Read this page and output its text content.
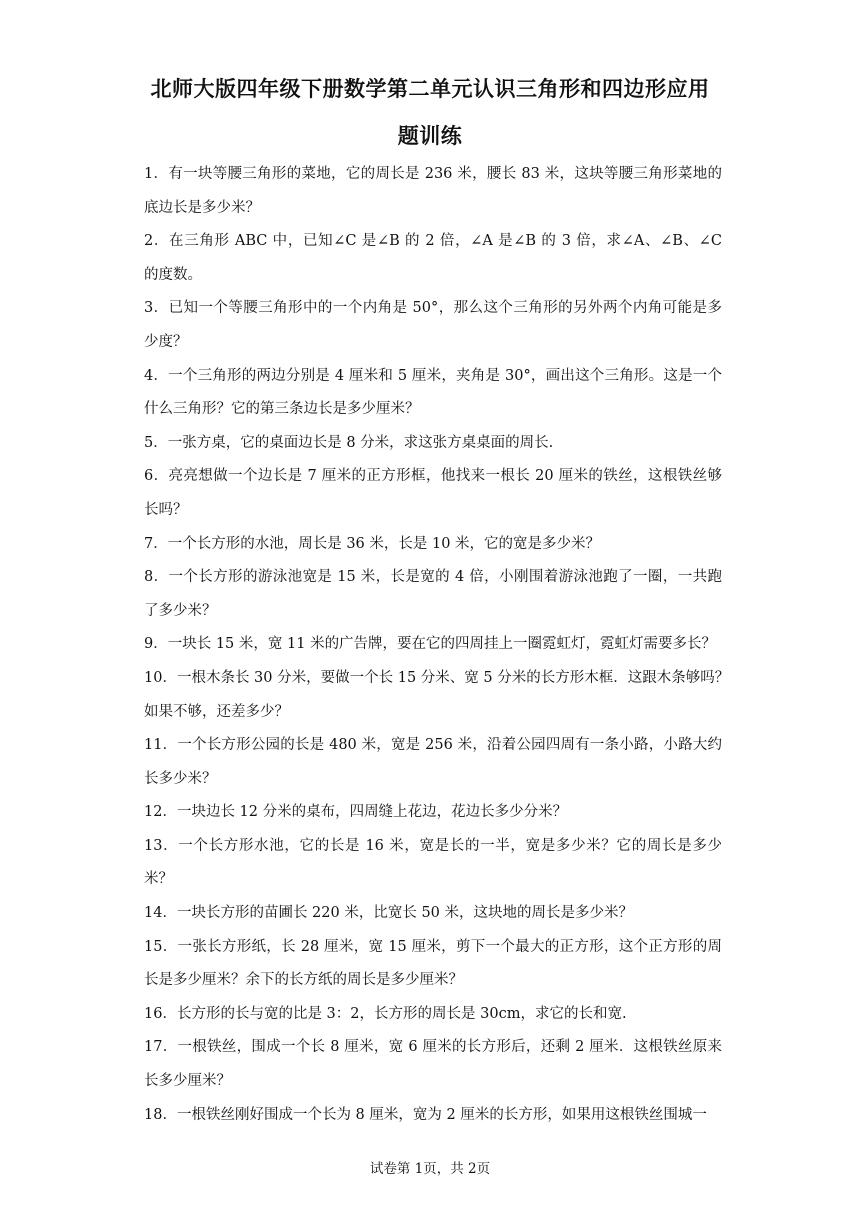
北师大版四年级下册数学第二单元认识三角形和四边形应用
题训练
1．有一块等腰三角形的菜地，它的周长是 236 米，腰长 83 米，这块等腰三角形菜地的
底边长是多少米？
2．在三角形 ABC 中，已知∠C 是∠B 的 2 倍，∠A 是∠B 的 3 倍，求∠A、∠B、∠C
的度数。
3．已知一个等腰三角形中的一个内角是 50°，那么这个三角形的另外两个内角可能是多
少度？
4．一个三角形的两边分别是 4 厘米和 5 厘米，夹角是 30°，画出这个三角形。这是一个
什么三角形？它的第三条边长是多少厘米？
5．一张方桌，它的桌面边长是 8 分米，求这张方桌桌面的周长.
6．亮亮想做一个边长是 7 厘米的正方形框，他找来一根长 20 厘米的铁丝，这根铁丝够
长吗？
7．一个长方形的水池，周长是 36 米，长是 10 米，它的宽是多少米？
8．一个长方形的游泳池宽是 15 米，长是宽的 4 倍，小刚围着游泳池跑了一圈，一共跑
了多少米？
9．一块长 15 米，宽 11 米的广告牌，要在它的四周挂上一圈霓虹灯，霓虹灯需要多长？
10．一根木条长 30 分米，要做一个长 15 分米、宽 5 分米的长方形木框．这跟木条够吗？
如果不够，还差多少？
11．一个长方形公园的长是 480 米，宽是 256 米，沿着公园四周有一条小路，小路大约
长多少米？
12．一块边长 12 分米的桌布，四周缝上花边，花边长多少分米？
13．一个长方形水池，它的长是 16 米，宽是长的一半，宽是多少米？它的周长是多少
米？
14．一块长方形的苗圃长 220 米，比宽长 50 米，这块地的周长是多少米？
15．一张长方形纸，长 28 厘米，宽 15 厘米，剪下一个最大的正方形，这个正方形的周
长是多少厘米？余下的长方纸的周长是多少厘米？
16．长方形的长与宽的比是 3：2，长方形的周长是 30cm，求它的长和宽.
17．一根铁丝，围成一个长 8 厘米，宽 6 厘米的长方形后，还剩 2 厘米．这根铁丝原来
长多少厘米？
18．一根铁丝刚好围成一个长为 8 厘米，宽为 2 厘米的长方形，如果用这根铁丝围城一
试卷第 1页，共 2页
